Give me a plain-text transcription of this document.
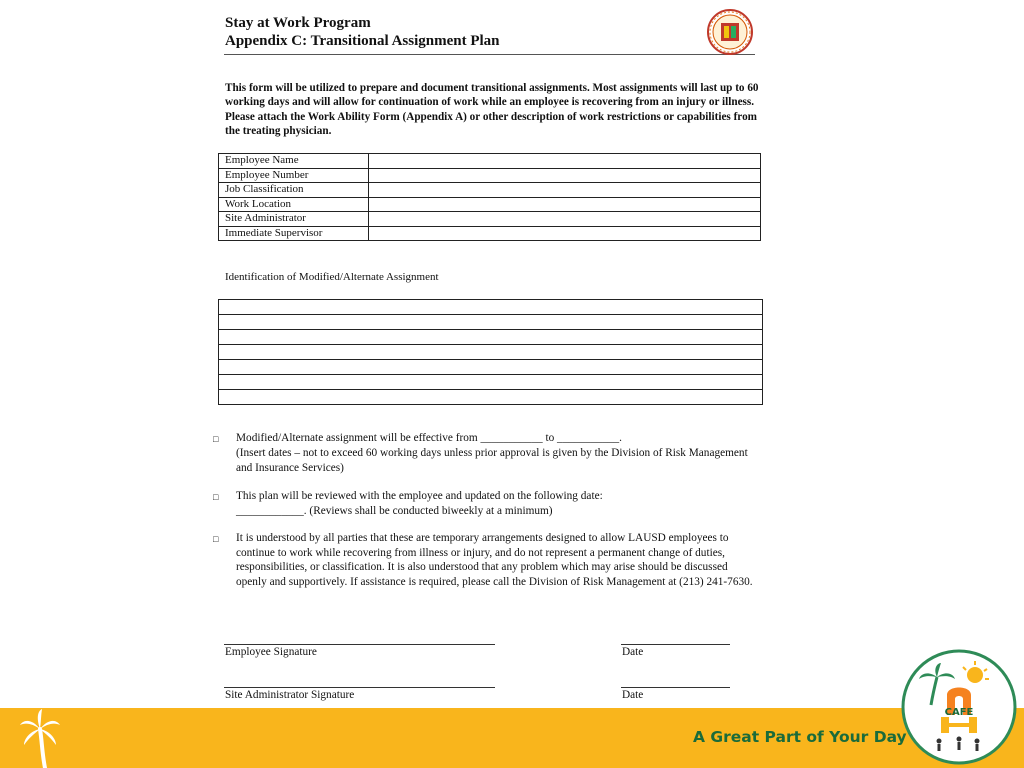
Stay at Work Program
Appendix C: Transitional Assignment Plan
This form will be utilized to prepare and document transitional assignments. Most assignments will last up to 60 working days and will allow for continuation of work while an employee is recovering from an injury or illness. Please attach the Work Ability Form (Appendix A) or other description of work restrictions or capabilities from the treating physician.
Employee Name	
Employee Number	
Job Classification	
Work Location	
Site Administrator	
Immediate Supervisor	
Identification of Modified/Alternate Assignment
□ Modified/Alternate assignment will be effective from ___________ to ___________.
(Insert dates – not to exceed 60 working days unless prior approval is given by the Division of Risk Management and Insurance Services)
□ This plan will be reviewed with the employee and updated on the following date:
____________. (Reviews shall be conducted biweekly at a minimum)
□ It is understood by all parties that these are temporary arrangements designed to allow LAUSD employees to continue to work while recovering from illness or injury, and do not represent a permanent change of duties, responsibilities, or classification. It is also understood that any problem which may arise should be discussed openly and supportively. If assistance is required, please call the Division of Risk Management at (213) 241-7630.
Employee Signature	Date
Site Administrator Signature	Date
A Great Part of Your Day
CAFE
